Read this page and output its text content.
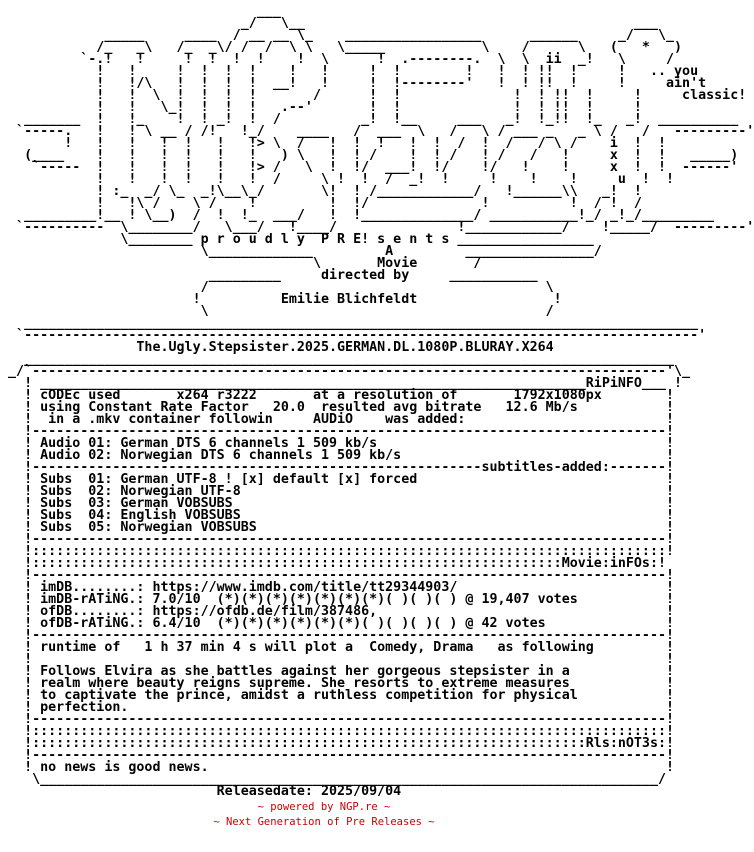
___
_/   \__                                         ___
_____     ____  / __ __ \_    _________________      ______     _/   \_
/_   _\   /_  _\/ /  /  \ \   \_____            \    /      \   (   *   )
`-.!   !     !  !  !  !    !  \      !  .--------.  \  \  ii  _!   \     /
!   !     !  !  !  !    !   !     !  !        !   !  ! !!  !     !   .. you
!   !/\   !  !  !  !  __!   !     !  !--------'   !  ! !!  !     !     ain't
!   !  \  !  !  !  !       /      !  !              !  ! !!  !     !     classic!
!   !   \_!  !  !  !   .--'       !  !              !  ! !!  !     !
_______  !   !_    !  ! _!  !  /          _!  !__     ___   _!  !_!!  !_   _!  __________
`-----.   !   ! \ __ / /!   !_/    ____   /  ___  \   /   \ / ___ _   _ \ /   /   ---------'
!   !   !   !  !   !   !> \  /   !  !  !   !  !  /  !  /   / \ /    i  !  !
(____    !   !   !  !   !   !   ) \   !  ! /    !  ! /   ! /   /   !     x  !  !   _____)
`-----  !   !   !  !   !   !> /   \  !  !/  ___!  !/    !/   !    !     x  !  !  ------'
!   !   !  !   !   !  /     \ !  !  /  _!  !     !    !    !     u  !  !
! :_  _/ \_  _!\__\_/       \!  ! /____________/   !______\\   _!  !
!   !\ /    \ /    !         !  !/              !          !  / !  /
_________!__ ! \__)  /  !  !_  ___/   !  !______________/ ___________!_/ _!_/_________
`----------  \________/   \___/   !____/               !____________/    !_____/  ---------'
\________ p r o u d l y  P R E! s e n t s _________________
\_____________         A         ________________/
\       Movie       /
_________     directed by     ___________
/                                          \
!          Emilie Blichfeldt                 !
\                                          /
____________________________________________________________________________________
`------------------------------------------------------------------------------------'
The.Ugly.Stepsister.2025.GERMAN.DL.1080P.BLURAY.X264
_________________________________________________________________________________
_/`-------------------------------------------------------------------------------'\_
! ____________________________________________________________________RiPiNFO___ !
! cODEc used       x264 r3222       at a resolution of       1792x1080px        !
! using Constant Rate Factor   20.0  resulted avg bitrate   12.6 Mb/s           !
!  in a .mkv container followin     AUDiO    was added:                         !
!-------------------------------------------------------------------------------!
! Audio 01: German DTS 6 channels 1 509 kb/s                                    !
! Audio 02: Norwegian DTS 6 channels 1 509 kb/s                                 !
!--------------------------------------------------------subtitles-added:-------!
! Subs  01: German UTF-8 ! [x] default [x] forced                               !
! Subs  02: Norwegian UTF-8                                                     !
! Subs  03: German VOBSUBS                                                      !
! Subs  04: English VOBSUBS                                                     !
! Subs  05: Norwegian VOBSUBS                                                   !
!-------------------------------------------------------------------------------!
!:::::::::::::::::::::::::::::::::::::::::::::::::::::::::::::::::::::::::::::::!
!::::::::::::::::::::::::::::::::::::::::::::::::::::::::::::::::::Movie:inFOs:!
!-------------------------------------------------------------------------------!
! imDB........: https://www.imdb.com/title/tt29344903/                          !
! imDB-rATiNG.: 7.0/10  (*)(*)(*)(*)(*)(*)(*)( )( )( ) @ 19,407 votes           !
! ofDB........: https://ofdb.de/film/387486,                                    !
! ofDB-rATiNG.: 6.4/10  (*)(*)(*)(*)(*)(*)( )( )( )( ) @ 42 votes               !
!-------------------------------------------------------------------------------!
! runtime of   1 h 37 min 4 s will plot a  Comedy, Drama   as following         !
!                                                                               !
! Follows Elvira as she battles against her gorgeous stepsister in a            !
! realm where beauty reigns supreme. She resorts to extreme measures            !
! to captivate the prince, amidst a ruthless competition for physical           !
! perfection.                                                                   !
!-------------------------------------------------------------------------------!
!:::::::::::::::::::::::::::::::::::::::::::::::::::::::::::::::::::::::::::::::!
!:::::::::::::::::::::::::::::::::::::::::::::::::::::::::::::::::::::Rls:nOT3s:!
!-------------------------------------------------------------------------------!
! no news is good news.                                                         !
\_____________________________________________________________________________/
Releasedate: 2025/09/04
~ powered by NGP.re ~
~ Next Generation of Pre Releases ~
